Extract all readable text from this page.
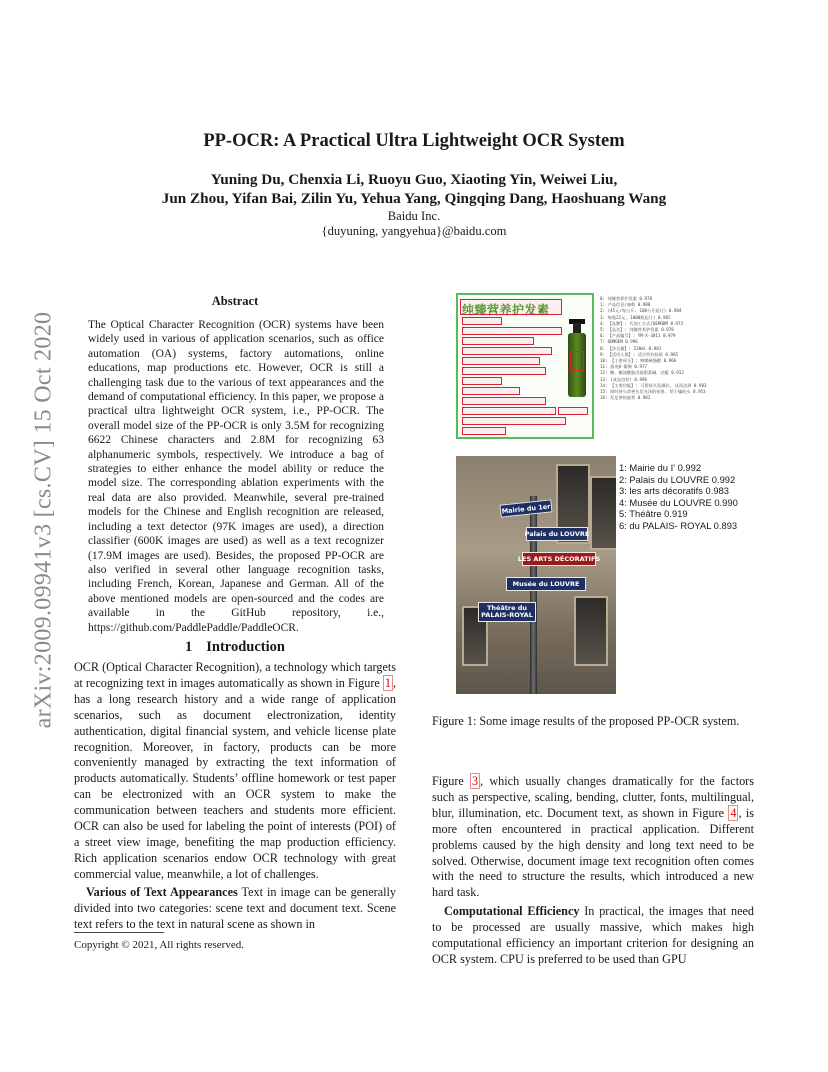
arXiv:2009.09941v3 [cs.CV] 15 Oct 2020
PP-OCR: A Practical Ultra Lightweight OCR System
Yuning Du, Chenxia Li, Ruoyu Guo, Xiaoting Yin, Weiwei Liu,
Jun Zhou, Yifan Bai, Zilin Yu, Yehua Yang, Qingqing Dang, Haoshuang Wang
Baidu Inc.
{duyuning, yangyehua}@baidu.com
Abstract
The Optical Character Recognition (OCR) systems have been widely used in various of application scenarios, such as office automation (OA) systems, factory automations, online educations, map productions etc. However, OCR is still a challenging task due to the various of text appearances and the demand of computational efficiency. In this paper, we propose a practical ultra lightweight OCR system, i.e., PP-OCR. The overall model size of the PP-OCR is only 3.5M for recognizing 6622 Chinese characters and 2.8M for recognizing 63 alphanumeric symbols, respectively. We introduce a bag of strategies to either enhance the model ability or reduce the model size. The corresponding ablation experiments with the real data are also provided. Meanwhile, several pre-trained models for the Chinese and English recognition are released, including a text detector (97K images are used), a direction classifier (600K images are used) as well as a text recognizer (17.9M images are used). Besides, the proposed PP-OCR are also verified in several other language recognition tasks, including French, Korean, Japanese and German. All of the above mentioned models are open-sourced and the codes are available in the GitHub repository, i.e., https://github.com/PaddlePaddle/PaddleOCR.
1 Introduction

OCR (Optical Character Recognition), a technology which targets at recognizing text in images automatically as shown in Figure 1 , has a long research history and a wide range of application scenarios, such as document electronization, identity authentication, digital financial system, and vehicle license plate recognition. Moreover, in factory, products can be more conveniently managed by extracting the text information of products automatically. Students’ offline homework or test paper can be electronized with an OCR system to make the communication between teachers and students more efficient. OCR can also be used for labeling the point of interests (POI) of a street view image, benefiting the map production efficiency. Rich application scenarios endow OCR technology with great commercial value, meanwhile, a lot of challenges.

Various of Text Appearances Text in image can be generally divided into two categories: scene text and document text. Scene text refers to the text in natural scene as shown in

Copyright © 2021, All rights reserved.
纯臻营养护发素
0: 纯臻营养护发素 0.978
1: 产品信息/参数 0.988
2: (45元/每公斤, 100公斤起订) 0.984
3: 每瓶22元, 1000瓶起订) 0.982
4: 【品牌】: 代加工方式/OEMODM 0.973
5: 【品名】: 纯臻营养护发素 0.978
6: 【产品编号】: YM-X-3011 0.979
7: ODMOEM 0.996
8: 【净含量】: 220ml 0.981
9: 【适用人群】: 适合所有肤质 0.965
10: 【主要成分】: 鲸蜡硬脂醇 0.966
11: 燕麦β-葡聚 0.977
12: 糖、椰油酰胺丙基甜菜碱、泛醌 0.912
13: (成品包材) 0.996
14: 【主要功能】: 可紧致头发磷层, 从而达到 0.983
15: 即时持久改善头发光泽的效果, 给干燥的头 0.953
16: 发足够的滋养 0.982
Mairie du 1er
Palais du LOUVRE
LES ARTS DÉCORATIFS
Musée du LOUVRE
Théâtre du PALAIS-ROYAL
1: Mairie du I' 0.992
2: Palais du LOUVRE 0.992
3: les arts décoratifs 0.983
4: Musée du LOUVRE 0.990
5: Théâtre 0.919
6: du PALAIS- ROYAL 0.893
Figure 1: Some image results of the proposed PP-OCR system.

Figure 3 , which usually changes dramatically for the factors such as perspective, scaling, bending, clutter, fonts, multilingual, blur, illumination, etc. Document text, as shown in Figure 4 , is more often encountered in practical application. Different problems caused by the high density and long text need to be solved. Otherwise, document image text recognition often comes with the need to structure the results, which introduced a new hard task.

Computational Efficiency In practical, the images that need to be processed are usually massive, which makes high computational efficiency an important criterion for designing an OCR system. CPU is preferred to be used than GPU
